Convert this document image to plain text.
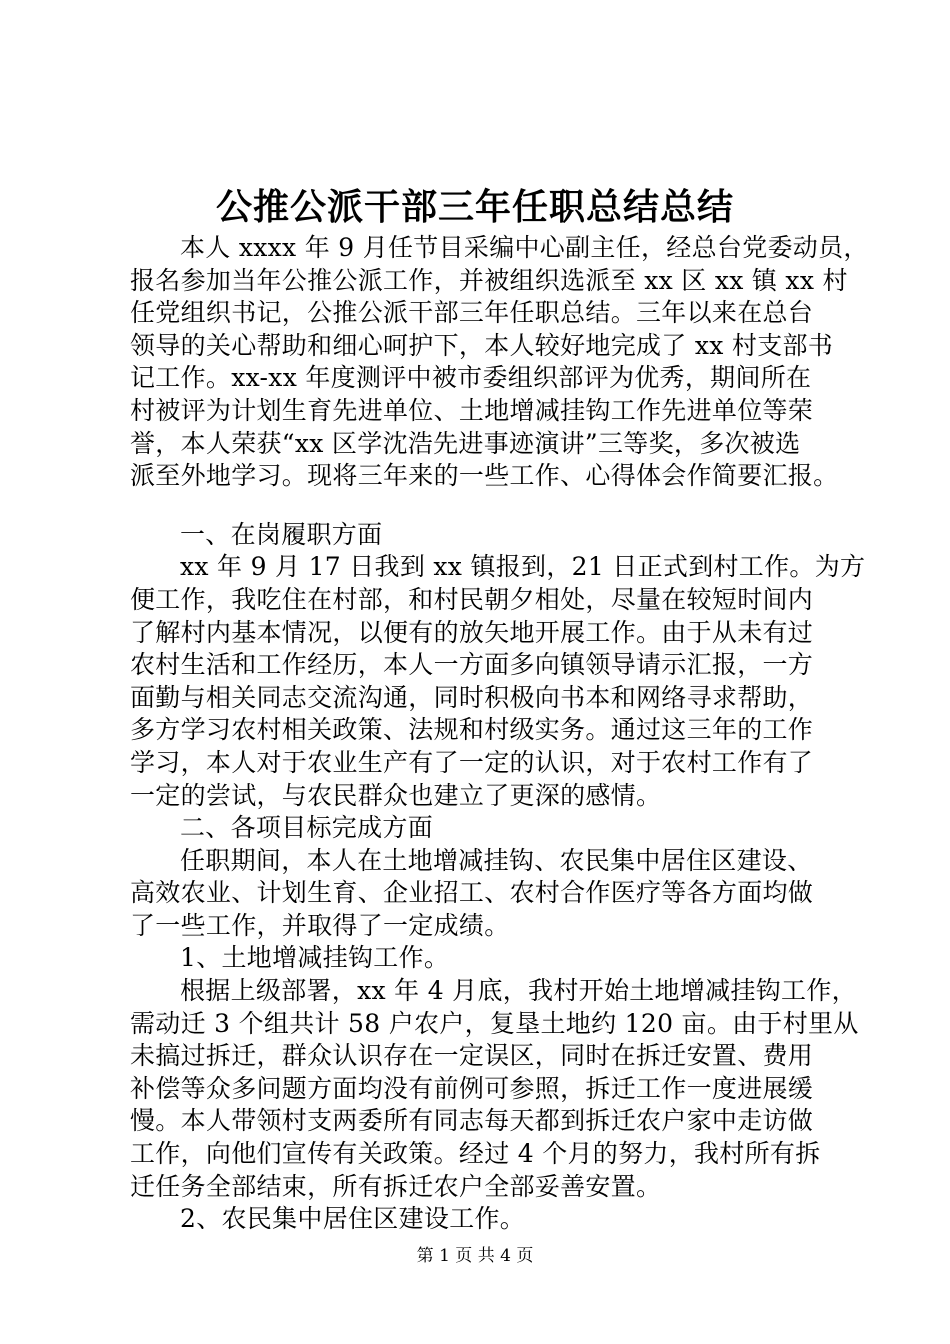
公推公派干部三年任职总结总结
本人 xxxx 年 9 月任节目采编中心副主任，经总台党委动员，
报名参加当年公推公派工作，并被组织选派至 xx 区 xx 镇 xx 村
任党组织书记，公推公派干部三年任职总结。三年以来在总台
领导的关心帮助和细心呵护下，本人较好地完成了 xx 村支部书
记工作。xx-xx 年度测评中被市委组织部评为优秀，期间所在
村被评为计划生育先进单位、土地增减挂钩工作先进单位等荣
誉，本人荣获“xx 区学沈浩先进事迹演讲”三等奖，多次被选
派至外地学习。现将三年来的一些工作、心得体会作简要汇报。
一、在岗履职方面
xx 年 9 月 17 日我到 xx 镇报到，21 日正式到村工作。为方
便工作，我吃住在村部，和村民朝夕相处，尽量在较短时间内
了解村内基本情况，以便有的放矢地开展工作。由于从未有过
农村生活和工作经历，本人一方面多向镇领导请示汇报，一方
面勤与相关同志交流沟通，同时积极向书本和网络寻求帮助，
多方学习农村相关政策、法规和村级实务。通过这三年的工作
学习，本人对于农业生产有了一定的认识，对于农村工作有了
一定的尝试，与农民群众也建立了更深的感情。
二、各项目标完成方面
任职期间，本人在土地增减挂钩、农民集中居住区建设、
高效农业、计划生育、企业招工、农村合作医疗等各方面均做
了一些工作，并取得了一定成绩。
1、土地增减挂钩工作。
根据上级部署，xx 年 4 月底，我村开始土地增减挂钩工作，
需动迁 3 个组共计 58 户农户，复垦土地约 120 亩。由于村里从
未搞过拆迁，群众认识存在一定误区，同时在拆迁安置、费用
补偿等众多问题方面均没有前例可参照，拆迁工作一度进展缓
慢。本人带领村支两委所有同志每天都到拆迁农户家中走访做
工作，向他们宣传有关政策。经过 4 个月的努力，我村所有拆
迁任务全部结束，所有拆迁农户全部妥善安置。
2、农民集中居住区建设工作。
第 1 页 共 4 页
